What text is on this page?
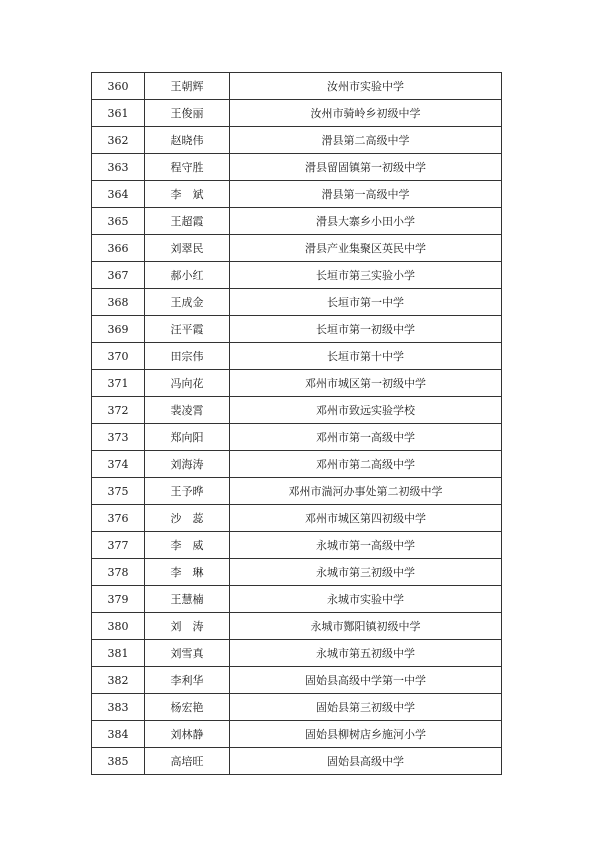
360	王朝辉	汝州市实验中学
361	王俊丽	汝州市骑岭乡初级中学
362	赵晓伟	滑县第二高级中学
363	程守胜	滑县留固镇第一初级中学
364	李　斌	滑县第一高级中学
365	王超霞	滑县大寨乡小田小学
366	刘翠民	滑县产业集聚区英民中学
367	郝小红	长垣市第三实验小学
368	王成金	长垣市第一中学
369	汪平霞	长垣市第一初级中学
370	田宗伟	长垣市第十中学
371	冯向花	邓州市城区第一初级中学
372	裴凌霄	邓州市致远实验学校
373	郑向阳	邓州市第一高级中学
374	刘海涛	邓州市第二高级中学
375	王予晔	邓州市湍河办事处第二初级中学
376	沙　蕊	邓州市城区第四初级中学
377	李　威	永城市第一高级中学
378	李　琳	永城市第三初级中学
379	王慧楠	永城市实验中学
380	刘　涛	永城市酂阳镇初级中学
381	刘雪真	永城市第五初级中学
382	李利华	固始县高级中学第一中学
383	杨宏艳	固始县第三初级中学
384	刘林静	固始县柳树店乡施河小学
385	高培旺	固始县高级中学
